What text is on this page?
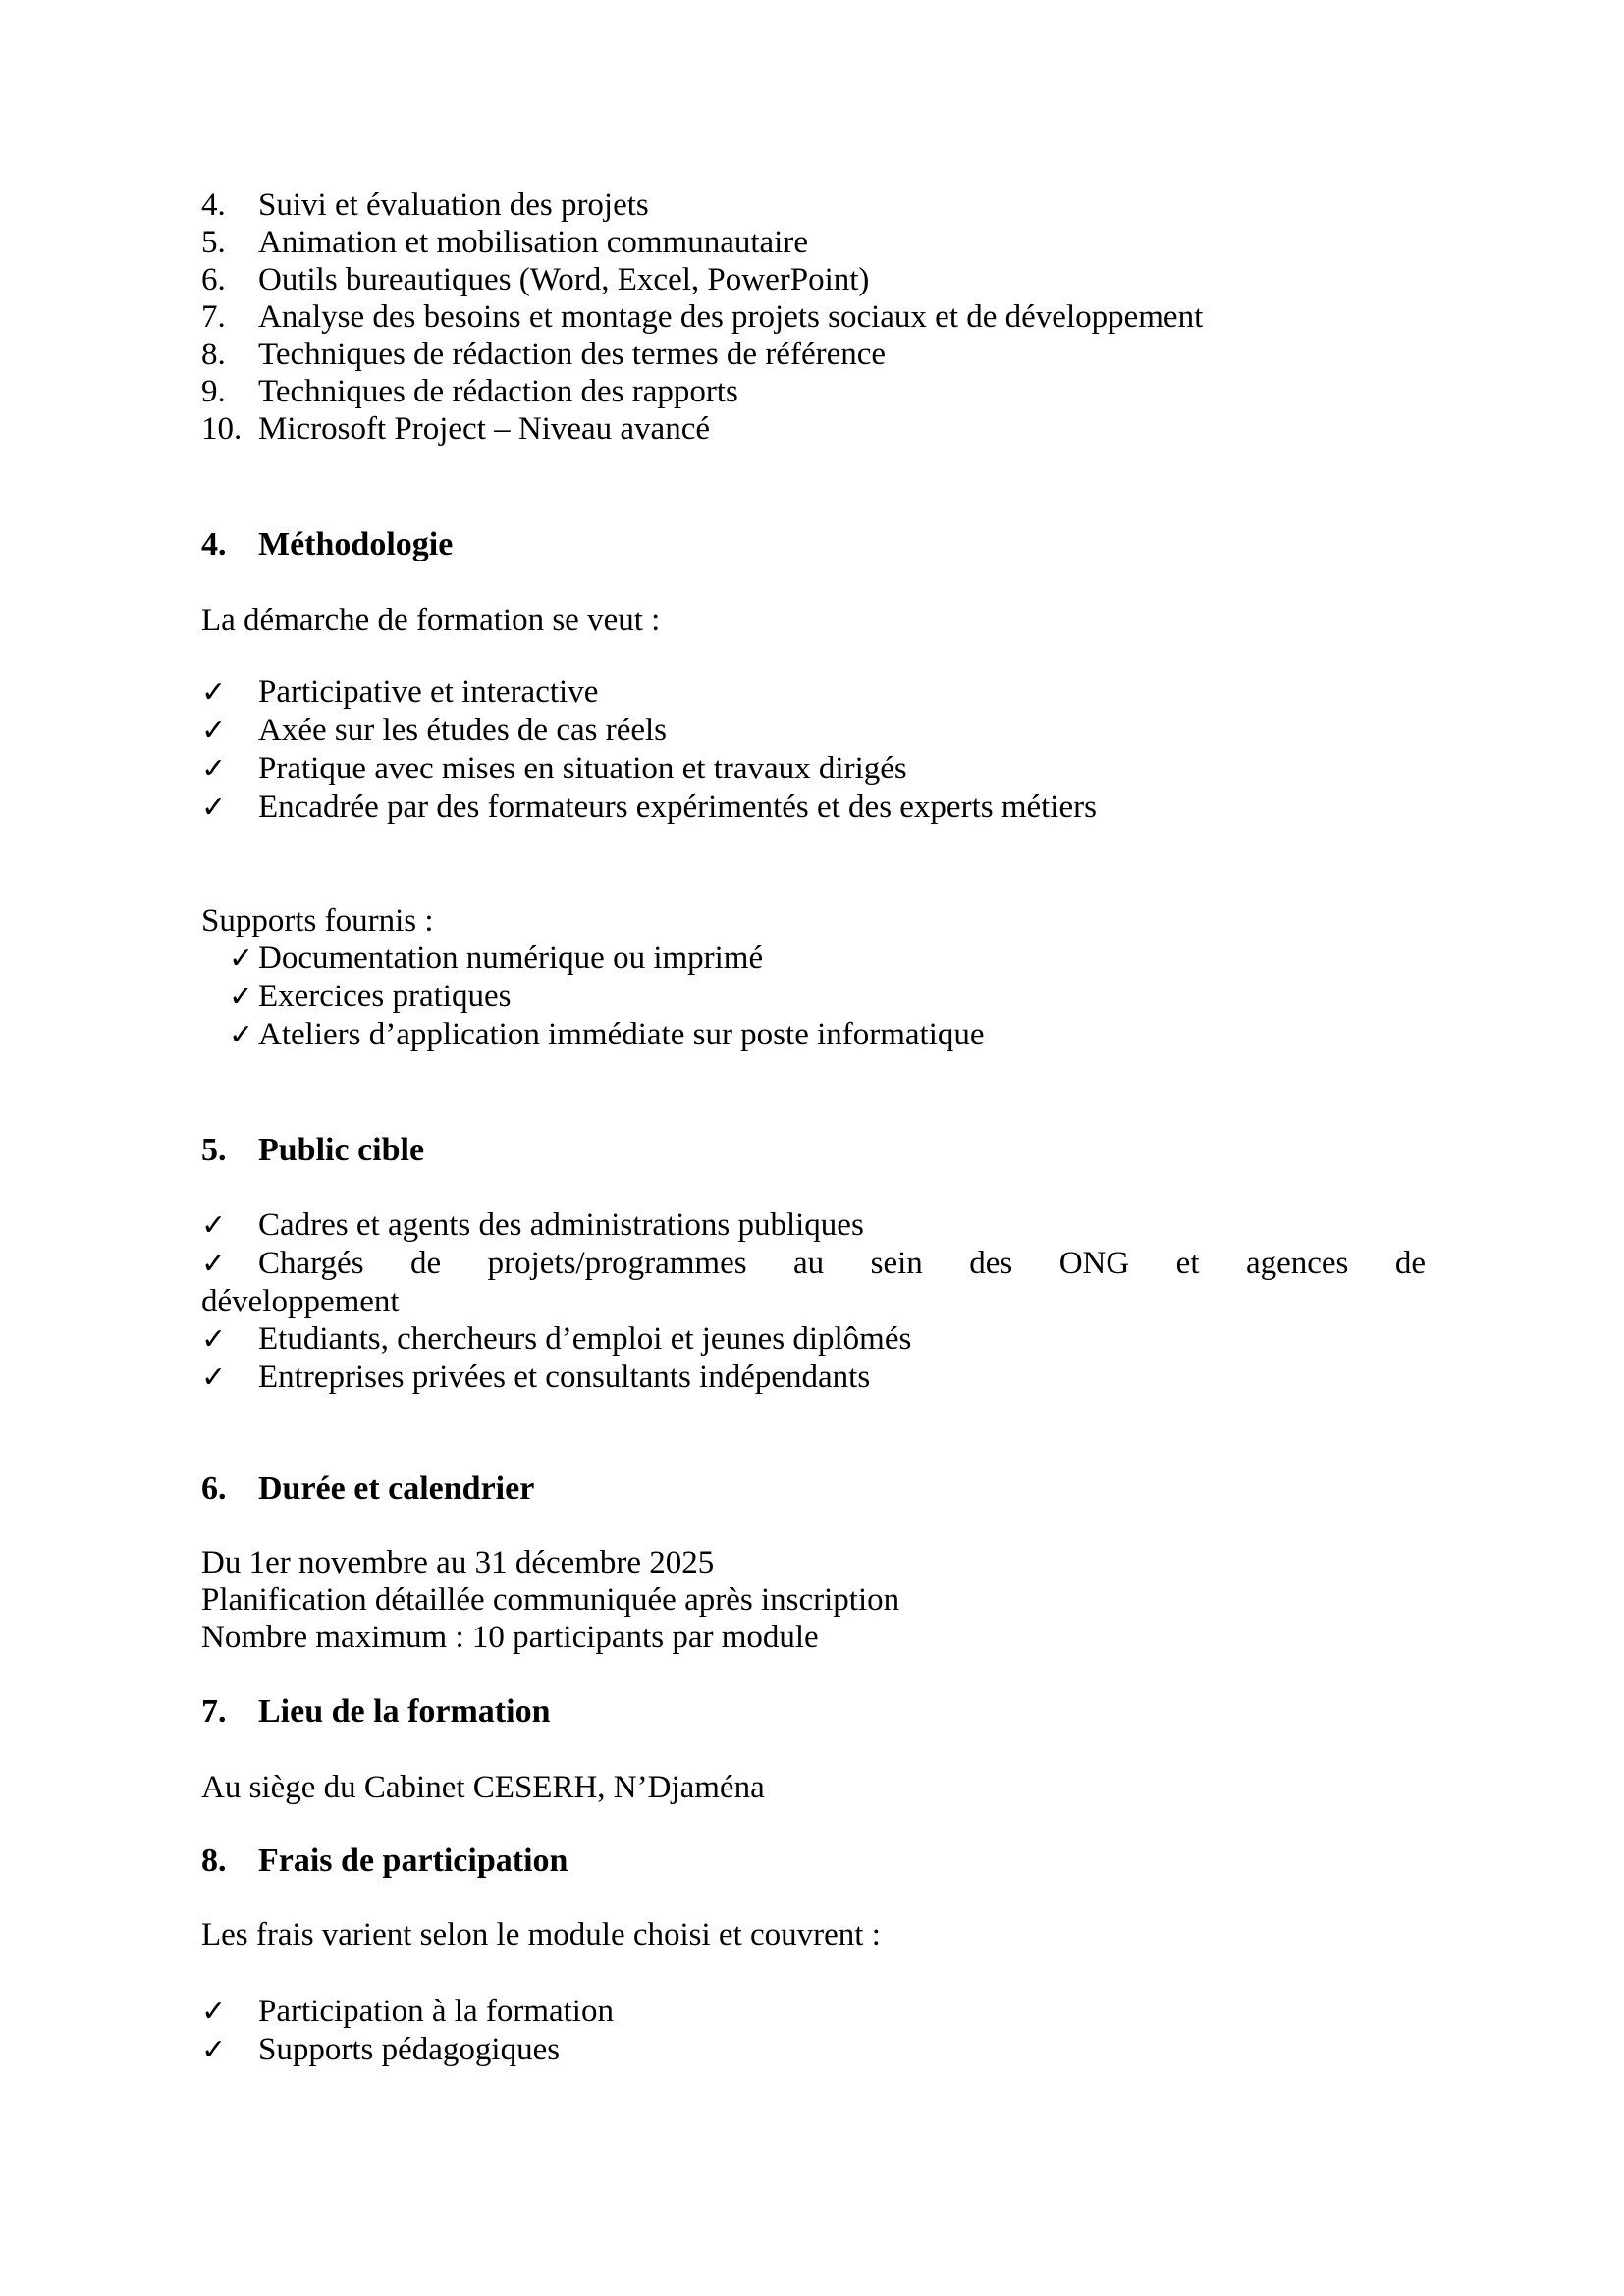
4.	Suivi et évaluation des projets
5.	Animation et mobilisation communautaire
6.	Outils bureautiques (Word, Excel, PowerPoint)
7.	Analyse des besoins et montage des projets sociaux et de développement
8.	Techniques de rédaction des termes de référence
9.	Techniques de rédaction des rapports
10. Microsoft Project – Niveau avancé
4. Méthodologie
La démarche de formation se veut :
✓ Participative et interactive
✓ Axée sur les études de cas réels
✓ Pratique avec mises en situation et travaux dirigés
✓ Encadrée par des formateurs expérimentés et des experts métiers
Supports fournis :
✓ Documentation numérique ou imprimé
✓ Exercices pratiques
✓ Ateliers d’application immédiate sur poste informatique
5. Public cible
✓ Cadres et agents des administrations publiques
✓ Chargés de projets/programmes au sein des ONG et agences de
développement
✓ Etudiants, chercheurs d’emploi et jeunes diplômés
✓ Entreprises privées et consultants indépendants
6. Durée et calendrier
Du 1er novembre au 31 décembre 2025
Planification détaillée communiquée après inscription
Nombre maximum : 10 participants par module
7. Lieu de la formation
Au siège du Cabinet CESERH, N’Djaména
8. Frais de participation
Les frais varient selon le module choisi et couvrent :
✓ Participation à la formation
✓ Supports pédagogiques
